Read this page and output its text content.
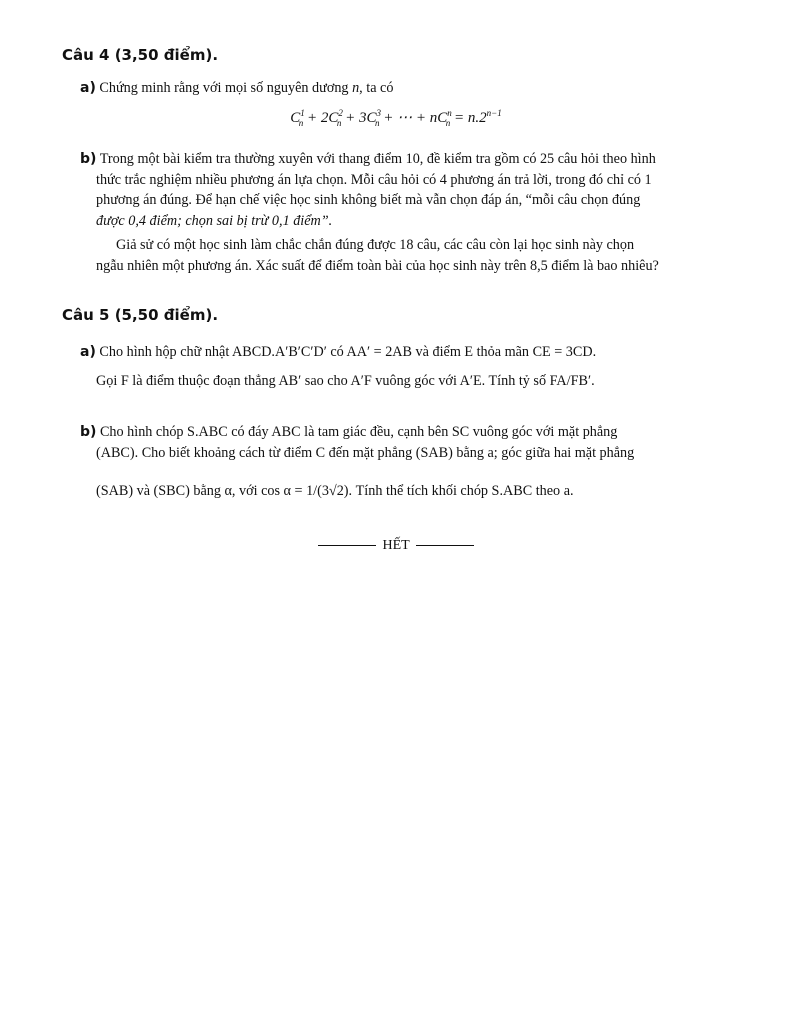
Câu 4 (3,50 điểm).
a) Chứng minh rằng với mọi số nguyên dương n, ta có
$C^1_n + 2C^2_n + 3C^3_n$ + ⋯ + $nC^n_n = n.2^{n-1}$
b) Trong một bài kiểm tra thường xuyên với thang điểm 10, đề kiểm tra gồm có 25 câu hỏi theo hình
thức trắc nghiệm nhiều phương án lựa chọn. Mỗi câu hỏi có 4 phương án trả lời, trong đó chỉ có 1
phương án đúng. Để hạn chế việc học sinh không biết mà vẫn chọn đáp án, “mỗi câu chọn đúng
được 0,4 điểm; chọn sai bị trừ 0,1 điểm”.
Giả sử có một học sinh làm chắc chắn đúng được 18 câu, các câu còn lại học sinh này chọn
ngẫu nhiên một phương án. Xác suất để điểm toàn bài của học sinh này trên 8,5 điểm là bao nhiêu?
Câu 5 (5,50 điểm).
a) Cho hình hộp chữ nhật ABCD.A′B′C′D′ có AA′ = 2AB và điểm E thỏa mãn CE = 3CD.
Gọi F là điểm thuộc đoạn thẳng AB′ sao cho A′F vuông góc với A′E. Tính tỷ số FA/FB′.
b) Cho hình chóp S.ABC có đáy ABC là tam giác đều, cạnh bên SC vuông góc với mặt phẳng
(ABC). Cho biết khoảng cách từ điểm C đến mặt phẳng (SAB) bằng a; góc giữa hai mặt phẳng
(SAB) và (SBC) bằng α, với cos α = 1/(3√2). Tính thể tích khối chóp S.ABC theo a.
HẾT
